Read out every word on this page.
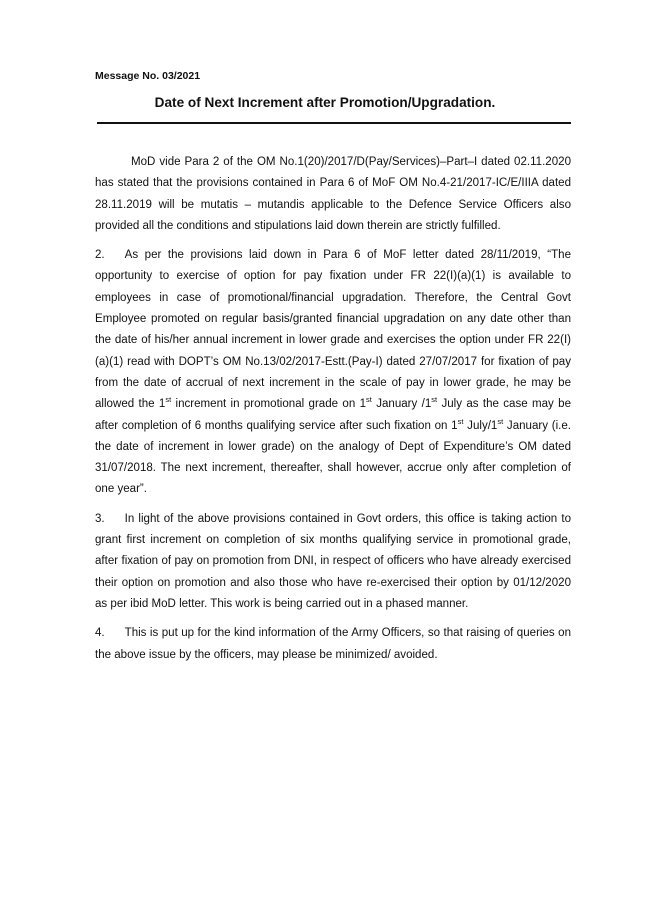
Message No. 03/2021
Date of Next Increment after Promotion/Upgradation.

MoD vide Para 2 of the OM No.1(20)/2017/D(Pay/Services)–Part–I dated 02.11.2020 has stated that the provisions contained in Para 6 of MoF OM No.4-21/2017-IC/E/IIIA dated 28.11.2019 will be mutatis – mutandis applicable to the Defence Service Officers also provided all the conditions and stipulations laid down therein are strictly fulfilled.

2. As per the provisions laid down in Para 6 of MoF letter dated 28/11/2019, “The opportunity to exercise of option for pay fixation under FR 22(I)(a)(1) is available to employees in case of promotional/financial upgradation. Therefore, the Central Govt Employee promoted on regular basis/granted financial upgradation on any date other than the date of his/her annual increment in lower grade and exercises the option under FR 22(I)(a)(1) read with DOPT’s OM No.13/02/2017-Estt.(Pay-I) dated 27/07/2017 for fixation of pay from the date of accrual of next increment in the scale of pay in lower grade, he may be allowed the 1st increment in promotional grade on 1st January /1st July as the case may be after completion of 6 months qualifying service after such fixation on 1st July/1st January (i.e. the date of increment in lower grade) on the analogy of Dept of Expenditure’s OM dated 31/07/2018. The next increment, thereafter, shall however, accrue only after completion of one year”.

3. In light of the above provisions contained in Govt orders, this office is taking action to grant first increment on completion of six months qualifying service in promotional grade, after fixation of pay on promotion from DNI, in respect of officers who have already exercised their option on promotion and also those who have re-exercised their option by 01/12/2020 as per ibid MoD letter. This work is being carried out in a phased manner.

4. This is put up for the kind information of the Army Officers, so that raising of queries on the above issue by the officers, may please be minimized/ avoided.
